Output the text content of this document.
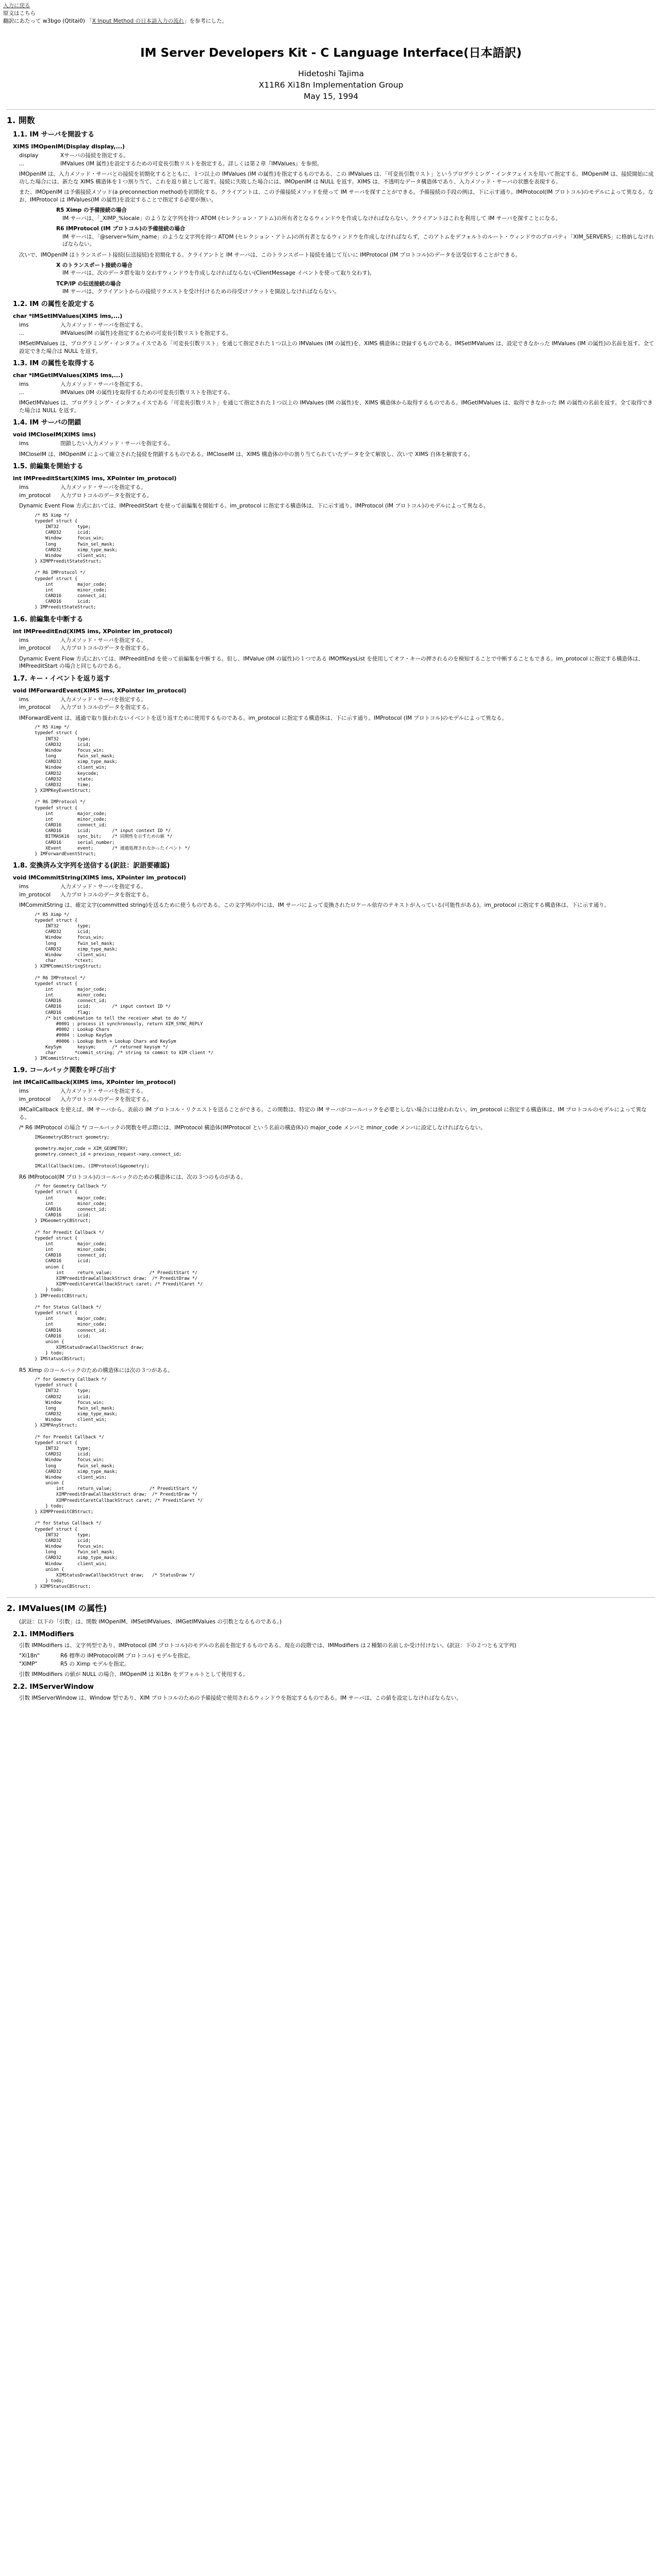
入力に戻る
原文はこちら
翻訳にあたって w3bgo (Qtitai0) 「X Input Method の日本語入力の流れ」を参考にした。
IM Server Developers Kit - C Language Interface(日本語訳)
Hidetoshi Tajima
X11R6 Xi18n Implementation Group
May 15, 1994
1. 開数
1.1. IM サーバを開設する
XIMS IMOpenIM(Display display,...)
display	Xサーバの接続を指定する。
...	IMValues (IM 属性)を設定するための可変長引数リストを指定する。詳しくは第２章『IMValues』を参照。

IMOpenIM は、入力メソッド・サーバとの接続を初期化するとともに、１つ以上の IMValues (IM の属性)を指定するものである。この IMValues は、「可変長引数リスト」というプログラミング・インタフェイスを用いて指定する。IMOpenIM は、接続開始に成功した場合には、新たな XIMS 構造体を１つ割り当て、これを返り値として返す。接続に失敗した場合には、IMOpenIM は NULL を返す。XIMS は、不透明なデータ構造体であり、入力メソッド・サーバの状態を表現する。

また、IMOpenIM は予備接続メソッド(a preconnection method)を初期化する。クライアントは、この予備接続メソッドを使って IM サーバを探すことができる。予備接続の手段の例は、下に示す通り。IMProtocol(IM プロトコル)のモデルによって異なる。なお、IMProtocol は IMValues(IM の属性)を設定することで指定する必要が無い。

R5 Ximp の予備接続の場合
IM サーバは、「_XIMP_%locale」のような文字列を持つ ATOM (セレクション・アトム)の所有者となるウィンドウを作成しなければならない。クライアントはこれを利用して IM サーバを探すことになる。
R6 IMProtocol (IM プロトコル)の予備接続の場合
IM サーバは、「@server=%im_name」のような文字列を持つ ATOM (セレクション・アトム)の所有者となるウィンドウを作成しなければならず、このアトムをデフォルトのルート・ウィンドウのプロパティ「XIM_SERVERS」に格納しなければならない。

次いで、IMOpenIM はトランスポート接続(伝送接続)を初期化する。クライアントと IM サーバは、このトランスポート接続を通じて互いに IMProtocol (IM プロトコル)のデータを送受信することができる。

X のトランスポート接続の場合
IM サーバは、次のデータ群を取り交わすウィンドウを作成しなければならない(ClientMessage イベントを使って取り交わす)。
TCP/IP の伝送接続の場合
IM サーバは、クライアントからの接続リクエストを受け付けるための待受けソケットを開設しなければならない。
1.2. IM の属性を設定する
char *IMSetIMValues(XIMS ims,...)
ims	入力メソッド・サーバを指定する。
...	IMValues(IM の属性)を指定するための可変長引数リストを指定する。

IMSetIMValues は、プログラミング・インタフェイスである「可変長引数リスト」を通じて指定された１つ以上の IMValues (IM の属性)を、XIMS 構造体に登録するものである。IMSetIMValues は、設定できなかった IMValues (IM の属性)の名前を返す。全て設定できた場合は NULL を返す。

1.3. IM の属性を取得する
char *IMGetIMValues(XIMS ims,...)
ims	入力メソッド・サーバを指定する。
...	IMValues (IM の属性)を取得するための可変長引数リストを指定する。

IMGetIMValues は、プログラミング・インタフェイスである「可変長引数リスト」を通じて指定された１つ以上の IMValues (IM の属性)を、XIMS 構造体から取得するものである。IMGetIMValues は、取得できなかった IM の属性の名前を返す。全て取得できた場合は NULL を返す。

1.4. IM サーバの閉鎖
void IMCloseIM(XIMS ims)
ims	閉鎖したい入力メソッド・サーバを指定する。

IMCloseIM は、IMOpenIM によって確立された接続を閉鎖するものである。IMCloseIM は、XIMS 構造体の中の割り当てられていたデータを全て解放し、次いで XIMS 自体を解放する。

1.5. 前編集を開始する
int IMPreeditStart(XIMS ims, XPointer im_protocol)
ims	入力メソッド・サーバを指定する。
im_protocol	入力プロトコルのデータを指定する。

Dynamic Event Flow 方式においては、IMPreeditStart を使って前編集を開始する。im_protocol に指定する構造体は、下に示す通り。IMProtocol (IM プロトコル)のモデルによって異なる。

/* R5 Ximp */
typedef struct {
INT32       type;
CARD32      icid;
Window      focus_win;
long        fwin_sel_mask;
CARD32      ximp_type_mask;
Window      client_win;
} XIMPPreeditStateStruct;

/* R6 IMProtocol */
typedef struct {
int         major_code;
int         minor_code;
CARD16      connect_id;
CARD16      icid;
} IMPreeditStateStruct;
1.6. 前編集を中断する
int IMPreeditEnd(XIMS ims, XPointer im_protocol)
ims	入力メソッド・サーバを指定する。
im_protocol	入力プロトコルのデータを指定する。

Dynamic Event Flow 方式においては、IMPreeditEnd を使って前編集を中断する。但し、IMValue (IM の属性)の１つである IMOffKeysList を使用してオフ・キーの押されるのを検知することで中断することもできる。im_protocol に指定する構造体は、IMPreeditStart の場合と同じものである。

1.7. キー・イベントを返り返す
void IMForwardEvent(XIMS ims, XPointer im_protocol)
ims	入力メソッド・サーバを指定する。
im_protocol	入力プロトコルのデータを指定する。

IMForwardEvent は、通過で取り扱われないイベントを送り返すために使用するものである。im_protocol に指定する構造体は、下に示す通り。IMProtocol (IM プロトコル)のモデルによって異なる。

/* R5 Ximp */
typedef struct {
INT32       type;
CARD32      icid;
Window      focus_win;
long        fwin_sel_mask;
CARD32      ximp_type_mask;
Window      client_win;
CARD32      keycode;
CARD32      state;
CARD32      time;
} XIMPKeyEventStruct;

/* R6 IMProtocol */
typedef struct {
int         major_code;
int         minor_code;
CARD16      connect_id;
CARD16      icid;        /* input context ID */
BITMASK16   sync_bit;    /* 同期性を示すための値 */
CARD16      serial_number;
XEvent      event;       /* 通過処理されなかったイベント */
} IMForwardEventStruct;
1.8. 変換済み文字列を送信する(訳註：訳語要確認)
void IMCommitString(XIMS ims, XPointer im_protocol)
ims	入力メソッド・サーバを指定する。
im_protocol	入力プロトコルのデータを指定する。

IMCommitString は、確定文字(committed string)を送るために使うものである。この文字列の中には、IM サーバによって変換されたロケール依存のテキストが入っている(可能性がある)。im_protocol に指定する構造体は、下に示す通り。

/* R5 Ximp */
typedef struct {
INT32       type;
CARD32      icid;
Window      focus_win;
long        fwin_sel_mask;
CARD32      ximp_type_mask;
Window      client_win;
char       *ctext;
} XIMPCommitStringStruct;

/* R6 IMProtocol */
typedef struct {
int         major_code;
int         minor_code;
CARD16      connect_id;
CARD16      icid;        /* input context ID */
CARD16      flag;
/* bit combination to tell the receiver what to do */
#0001 : process it synchronously, return XIM_SYNC_REPLY
#0002 : Lookup Chars
#0004 : Lookup KeySym
#0006 : Lookup Both = Lookup Chars and KeySym
KeySym      keysym;      /* returned keysym */
char       *commit_string; /* string to commit to XIM client */
} IMCommitStruct;
1.9. コールバック関数を呼び出す
int IMCallCallback(XIMS ims, XPointer im_protocol)
ims	入力メソッド・サーバを指定する。
im_protocol	入力プロトコルのデータを指定する。

IMCallCallback を使えば、IM サーバから、表前の IM プロトコル・リクエストを送ることができる。この関数は、特定の IM サーバがコールバックを必要としない場合には使われない。im_protocol に指定する構造体は、IM プロトコルのモデルによって異なる。

/* R6 IMProtocol の場合 */ コールバックの関数を呼ぶ際には、IMProtocol 構造体(IMProtocol という名前の構造体)の major_code メンバと minor_code メンバに設定しなければならない。

IMGeometryCBStruct geometry;

geometry.major_code = XIM_GEOMETRY;
geometry.connect_id = previous_request->any.connect_id;

IMCallCallback(ims, (IMProtocol)&geometry);

R6 IMProtocol(IM プロトコル)のコールバックのための構造体には、次の３つのものがある。

/* for Geometry Callback */
typedef struct {
int         major_code;
int         minor_code;
CARD16      connect_id;
CARD16      icid;
} IMGeometryCBStruct;

/* for Preedit Callback */
typedef struct {
int         major_code;
int         minor_code;
CARD16      connect_id;
CARD16      icid;
union {
int     return_value;              /* PreeditStart */
XIMPreeditDrawCallbackStruct draw;  /* PreeditDraw */
XIMPreeditCaretCallbackStruct caret; /* PreeditCaret */
} todo;
} IMPreeditCBStruct;

/* for Status Callback */
typedef struct {
int         major_code;
int         minor_code;
CARD16      connect_id;
CARD16      icid;
union {
XIMStatusDrawCallbackStruct draw;
} todo;
} IMStatusCBStruct;

R5 Ximp のコールバックのための構造体には次の３つがある。

/* for Geometry Callback */
typedef struct {
INT32       type;
CARD32      icid;
Window      focus_win;
long        fwin_sel_mask;
CARD32      ximp_type_mask;
Window      client_win;
} XIMPAnyStruct;

/* for Preedit Callback */
typedef struct {
INT32       type;
CARD32      icid;
Window      focus_win;
long        fwin_sel_mask;
CARD32      ximp_type_mask;
Window      client_win;
union {
int     return_value;              /* PreeditStart */
XIMPreeditDrawCallbackStruct draw;  /* PreeditDraw */
XIMPreeditCaretCallbackStruct caret; /* PreeditCaret */
} todo;
} XIMPPreeditCBStruct;

/* for Status Callback */
typedef struct {
INT32       type;
CARD32      icid;
Window      focus_win;
long        fwin_sel_mask;
CARD32      ximp_type_mask;
Window      client_win;
union {
XIMStatusDrawCallbackStruct draw;   /* StatusDraw */
} todo;
} XIMPStatusCBStruct;
2. IMValues(IM の属性)

(訳註：以下の「引数」は、関数 IMOpenIM、IMSetIMValues、IMGetIMValues の引数となるものである。)

2.1. IMModifiers

引数 IMModifiers は、文字列型であり、IMProtocol (IM プロトコル)のモデルの名前を指定するものである。現在の段階では、IMModifiers は２種類の名前しか受け付けない。(訳註：下の２つとも文字列)

"Xi18n"	R6 標準の IMProtocol(IM プロトコル) モデルを指定。
"XIMP"	R5 の Ximp モデルを指定。

引数 IMModifiers の値が NULL の場合、IMOpenIM は Xi18n をデフォルトとして使用する。

2.2. IMServerWindow

引数 IMServerWindow は、Window 型であり、XIM プロトコルのための予備接続で使用されるウィンドウを指定するものである。IM サーバは、この値を設定しなければならない。
